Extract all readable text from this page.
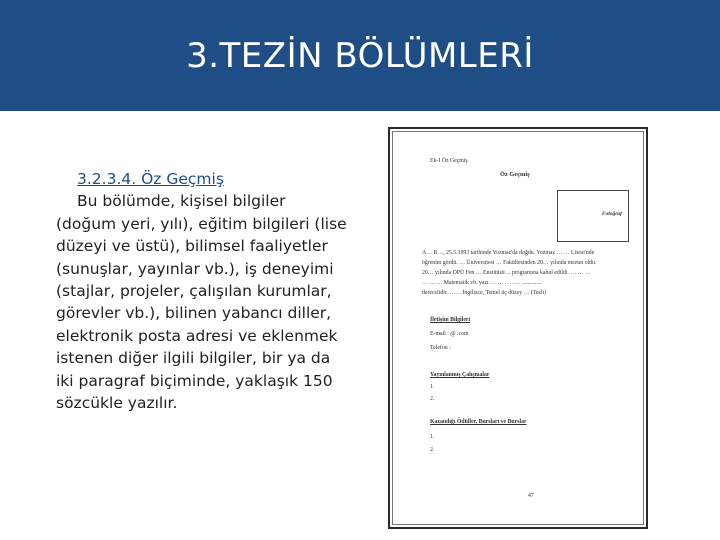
3.TEZİN BÖLÜMLERİ
3.2.3.4. Öz Geçmiş

Bu bölümde, kişisel bilgiler
(doğum yeri, yılı), eğitim bilgileri (lise
düzeyi ve üstü), bilimsel faaliyetler
(sunuşlar, yayınlar vb.), iş deneyimi
(stajlar, projeler, çalışılan kurumlar,
görevler vb.), bilinen yabancı diller,
elektronik posta adresi ve eklenmek
istenen diğer ilgili bilgiler, bir ya da
iki paragraf biçiminde, yaklaşık 150
sözcükle yazılır.

Ek-I Öz Geçmiş
Öz Geçmiş
Fotoğraf
A… B…, 25.5.1993 tarihinde Yozmaz'da doğdu. Yozmaz … … Lisesi'nde
öğrenim gördü. … Üniversitesi … Fakültesinden 20… yılında mezun oldu.
20… yılında DPÜ Fen … Enstitüsü ... programına kabul edildi. … … …
… … … Matematik vb. yazı … … . … … ..............
derecelidir. …… İngilizce, Temel üç düzey … (Tezli)
İletişim Bilgileri
E-mail : @ .com
Telefon :
Yayınlanmış Çalışmalar
1.
2.
Kazandığı Ödüller, Bursları ve Burslar
1.
2.
47
